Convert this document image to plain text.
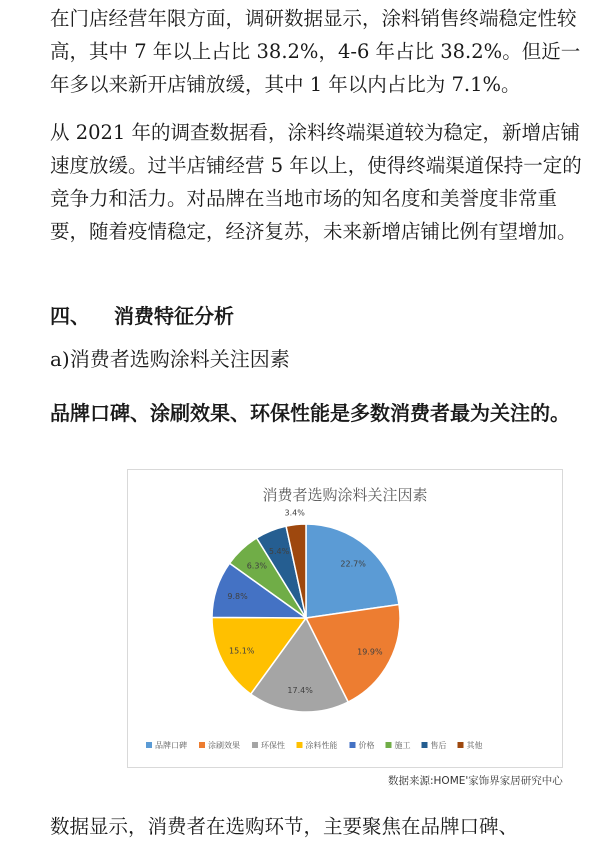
在门店经营年限方面，调研数据显示，涂料销售终端稳定性较高，其中 7 年以上占比 38.2%，4-6 年占比 38.2%。但近一年多以来新开店铺放缓，其中 1 年以内占比为 7.1%。

从 2021 年的调查数据看，涂料终端渠道较为稳定，新增店铺速度放缓。过半店铺经营 5 年以上，使得终端渠道保持一定的竞争力和活力。对品牌在当地市场的知名度和美誉度非常重要，随着疫情稳定，经济复苏，未来新增店铺比例有望增加。

四、 消费特征分析
a)消费者选购涂料关注因素

品牌口碑、涂刷效果、环保性能是多数消费者最为关注的。

消费者选购涂料关注因素
22.7%
19.9%
17.4%
15.1%
9.8%
6.3%
5.4%
3.4%
品牌口碑	涂刷效果	环保性	涂料性能	价格	施工	售后	其他
数据来源:HOME'家饰界家居研究中心

数据显示，消费者在选购环节，主要聚焦在品牌口碑、
